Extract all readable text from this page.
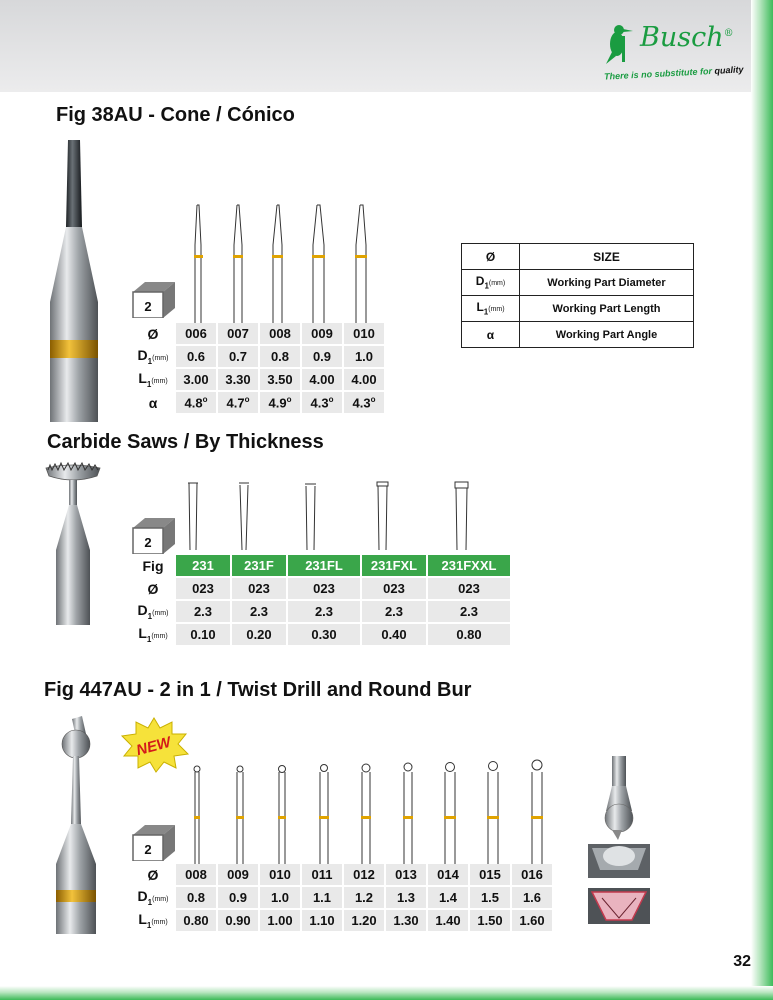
Busch®
There is no substitute for quality
Fig 38AU - Cone / Cónico
2
Ø	006	007	008	009	010
$D_1(mm)$	0.6	0.7	0.8	0.9	1.0
$L_1(mm)$	3.00	3.30	3.50	4.00	4.00
α	4.8$^o$	4.7$^o$	4.9$^o$	4.3$^o$	4.3$^o$
Ø	SIZE
$D_1(mm)$	Working Part Diameter
$L_1(mm)$	Working Part Length
α	Working Part Angle
Carbide Saws / By Thickness
2
Fig	231	231F	231FL	231FXL	231FXXL
Ø	023	023	023	023	023
$D_1(mm)$	2.3	2.3	2.3	2.3	2.3
$L_1(mm)$	0.10	0.20	0.30	0.40	0.80
Fig 447AU - 2 in 1 / Twist Drill and Round Bur
NEW
2
Ø	008	009	010	011	012	013	014	015	016
$D_1(mm)$	0.8	0.9	1.0	1.1	1.2	1.3	1.4	1.5	1.6
$L_1(mm)$	0.80	0.90	1.00	1.10	1.20	1.30	1.40	1.50	1.60
32
